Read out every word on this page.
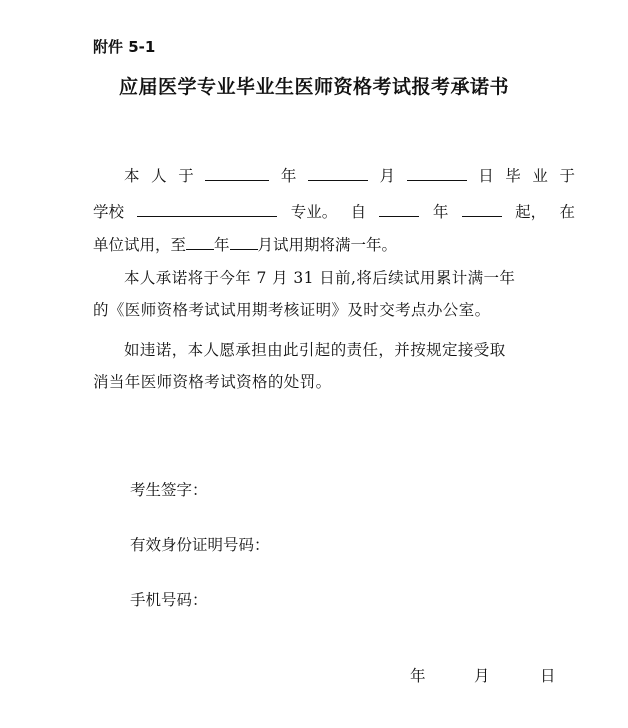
附件 5-1
应届医学专业毕业生医师资格考试报考承诺书
本 人 于	年	月	日 毕 业 于
学校	专业。 自	年	起， 在
单位试用，至 年 月试用期将满一年。
本人承诺将于今年 7 月 31 日前,将后续试用累计满一年
的《医师资格考试试用期考核证明》及时交考点办公室。
如违诺，本人愿承担由此引起的责任，并按规定接受取
消当年医师资格考试资格的处罚。
考生签字：
有效身份证明号码：
手机号码：
年	月	日
